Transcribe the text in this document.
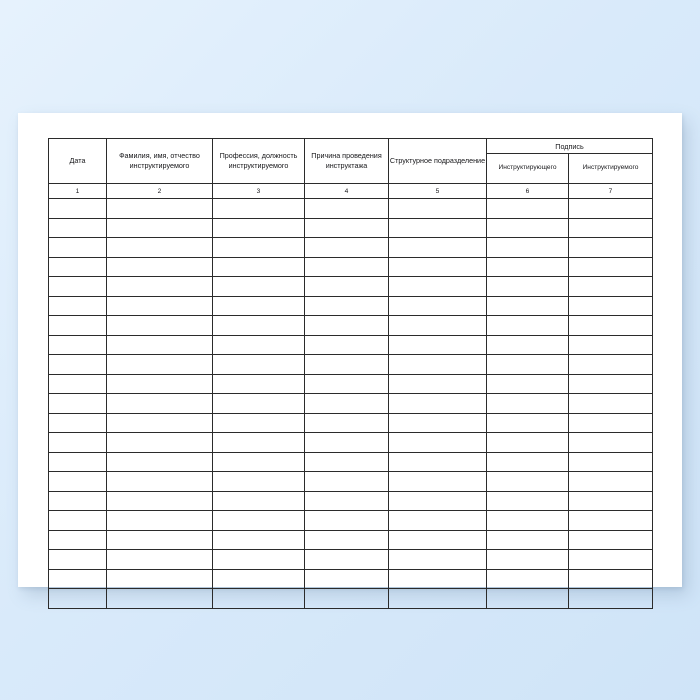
Дата	Фамилия, имя, отчество инструктируемого	Профессия, должность инструктируемого	Причина проведения инструктажа	Структурное подразделение	Подпись	

					Инструктирующего	Инструктируемого

1	2	3	4	5	6	7
